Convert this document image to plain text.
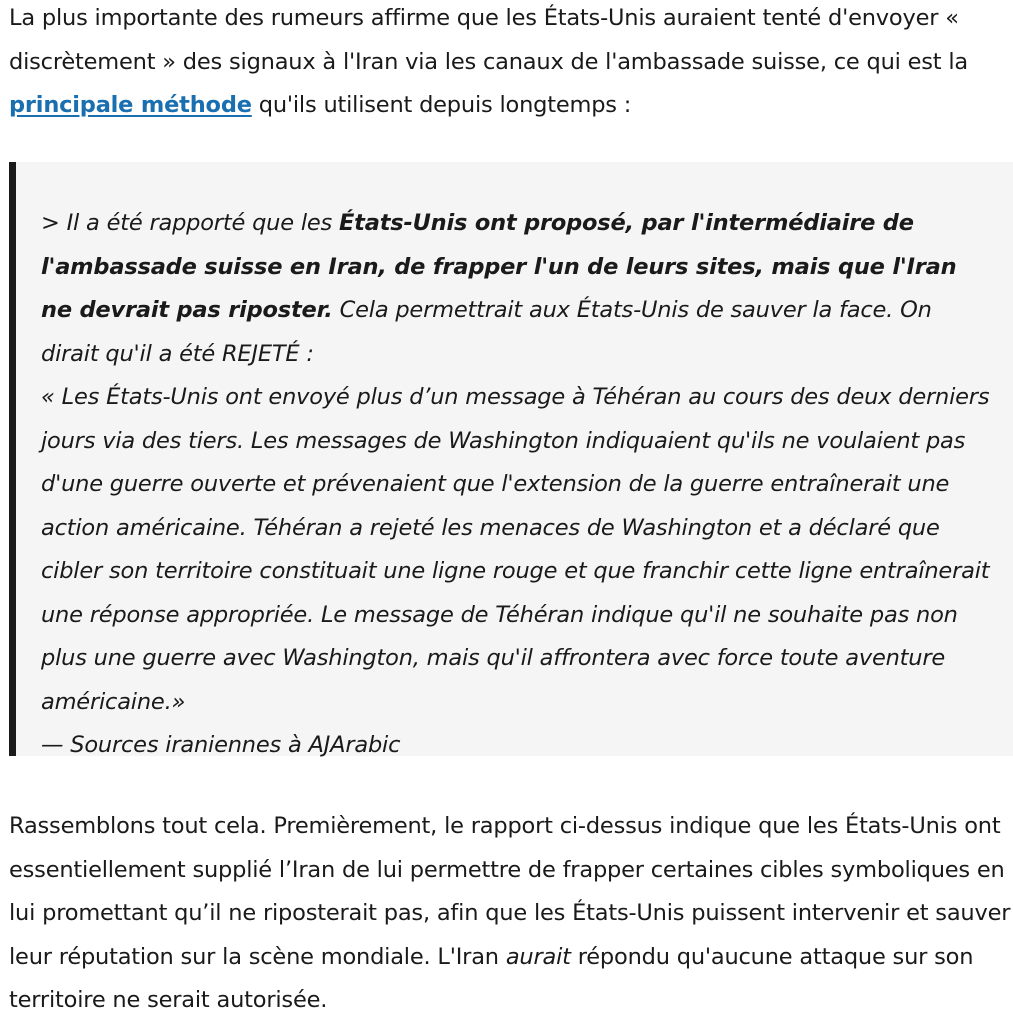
La plus importante des rumeurs affirme que les États-Unis auraient tenté d'envoyer « discrètement » des signaux à l'Iran via les canaux de l'ambassade suisse, ce qui est la principale méthode qu'ils utilisent depuis longtemps :

> Il a été rapporté que les États-Unis ont proposé, par l'intermédiaire de l'ambassade suisse en Iran, de frapper l'un de leurs sites, mais que l'Iran ne devrait pas riposter. Cela permettrait aux États-Unis de sauver la face. On dirait qu'il a été REJETÉ :
« Les États-Unis ont envoyé plus d’un message à Téhéran au cours des deux derniers jours via des tiers. Les messages de Washington indiquaient qu'ils ne voulaient pas d'une guerre ouverte et prévenaient que l'extension de la guerre entraînerait une action américaine. Téhéran a rejeté les menaces de Washington et a déclaré que cibler son territoire constituait une ligne rouge et que franchir cette ligne entraînerait une réponse appropriée. Le message de Téhéran indique qu'il ne souhaite pas non plus une guerre avec Washington, mais qu'il affrontera avec force toute aventure américaine.»
— Sources iraniennes à AJArabic

Rassemblons tout cela. Premièrement, le rapport ci-dessus indique que les États-Unis ont essentiellement supplié l’Iran de lui permettre de frapper certaines cibles symboliques en lui promettant qu’il ne riposterait pas, afin que les États-Unis puissent intervenir et sauver leur réputation sur la scène mondiale. L'Iran aurait répondu qu'aucune attaque sur son territoire ne serait autorisée.
